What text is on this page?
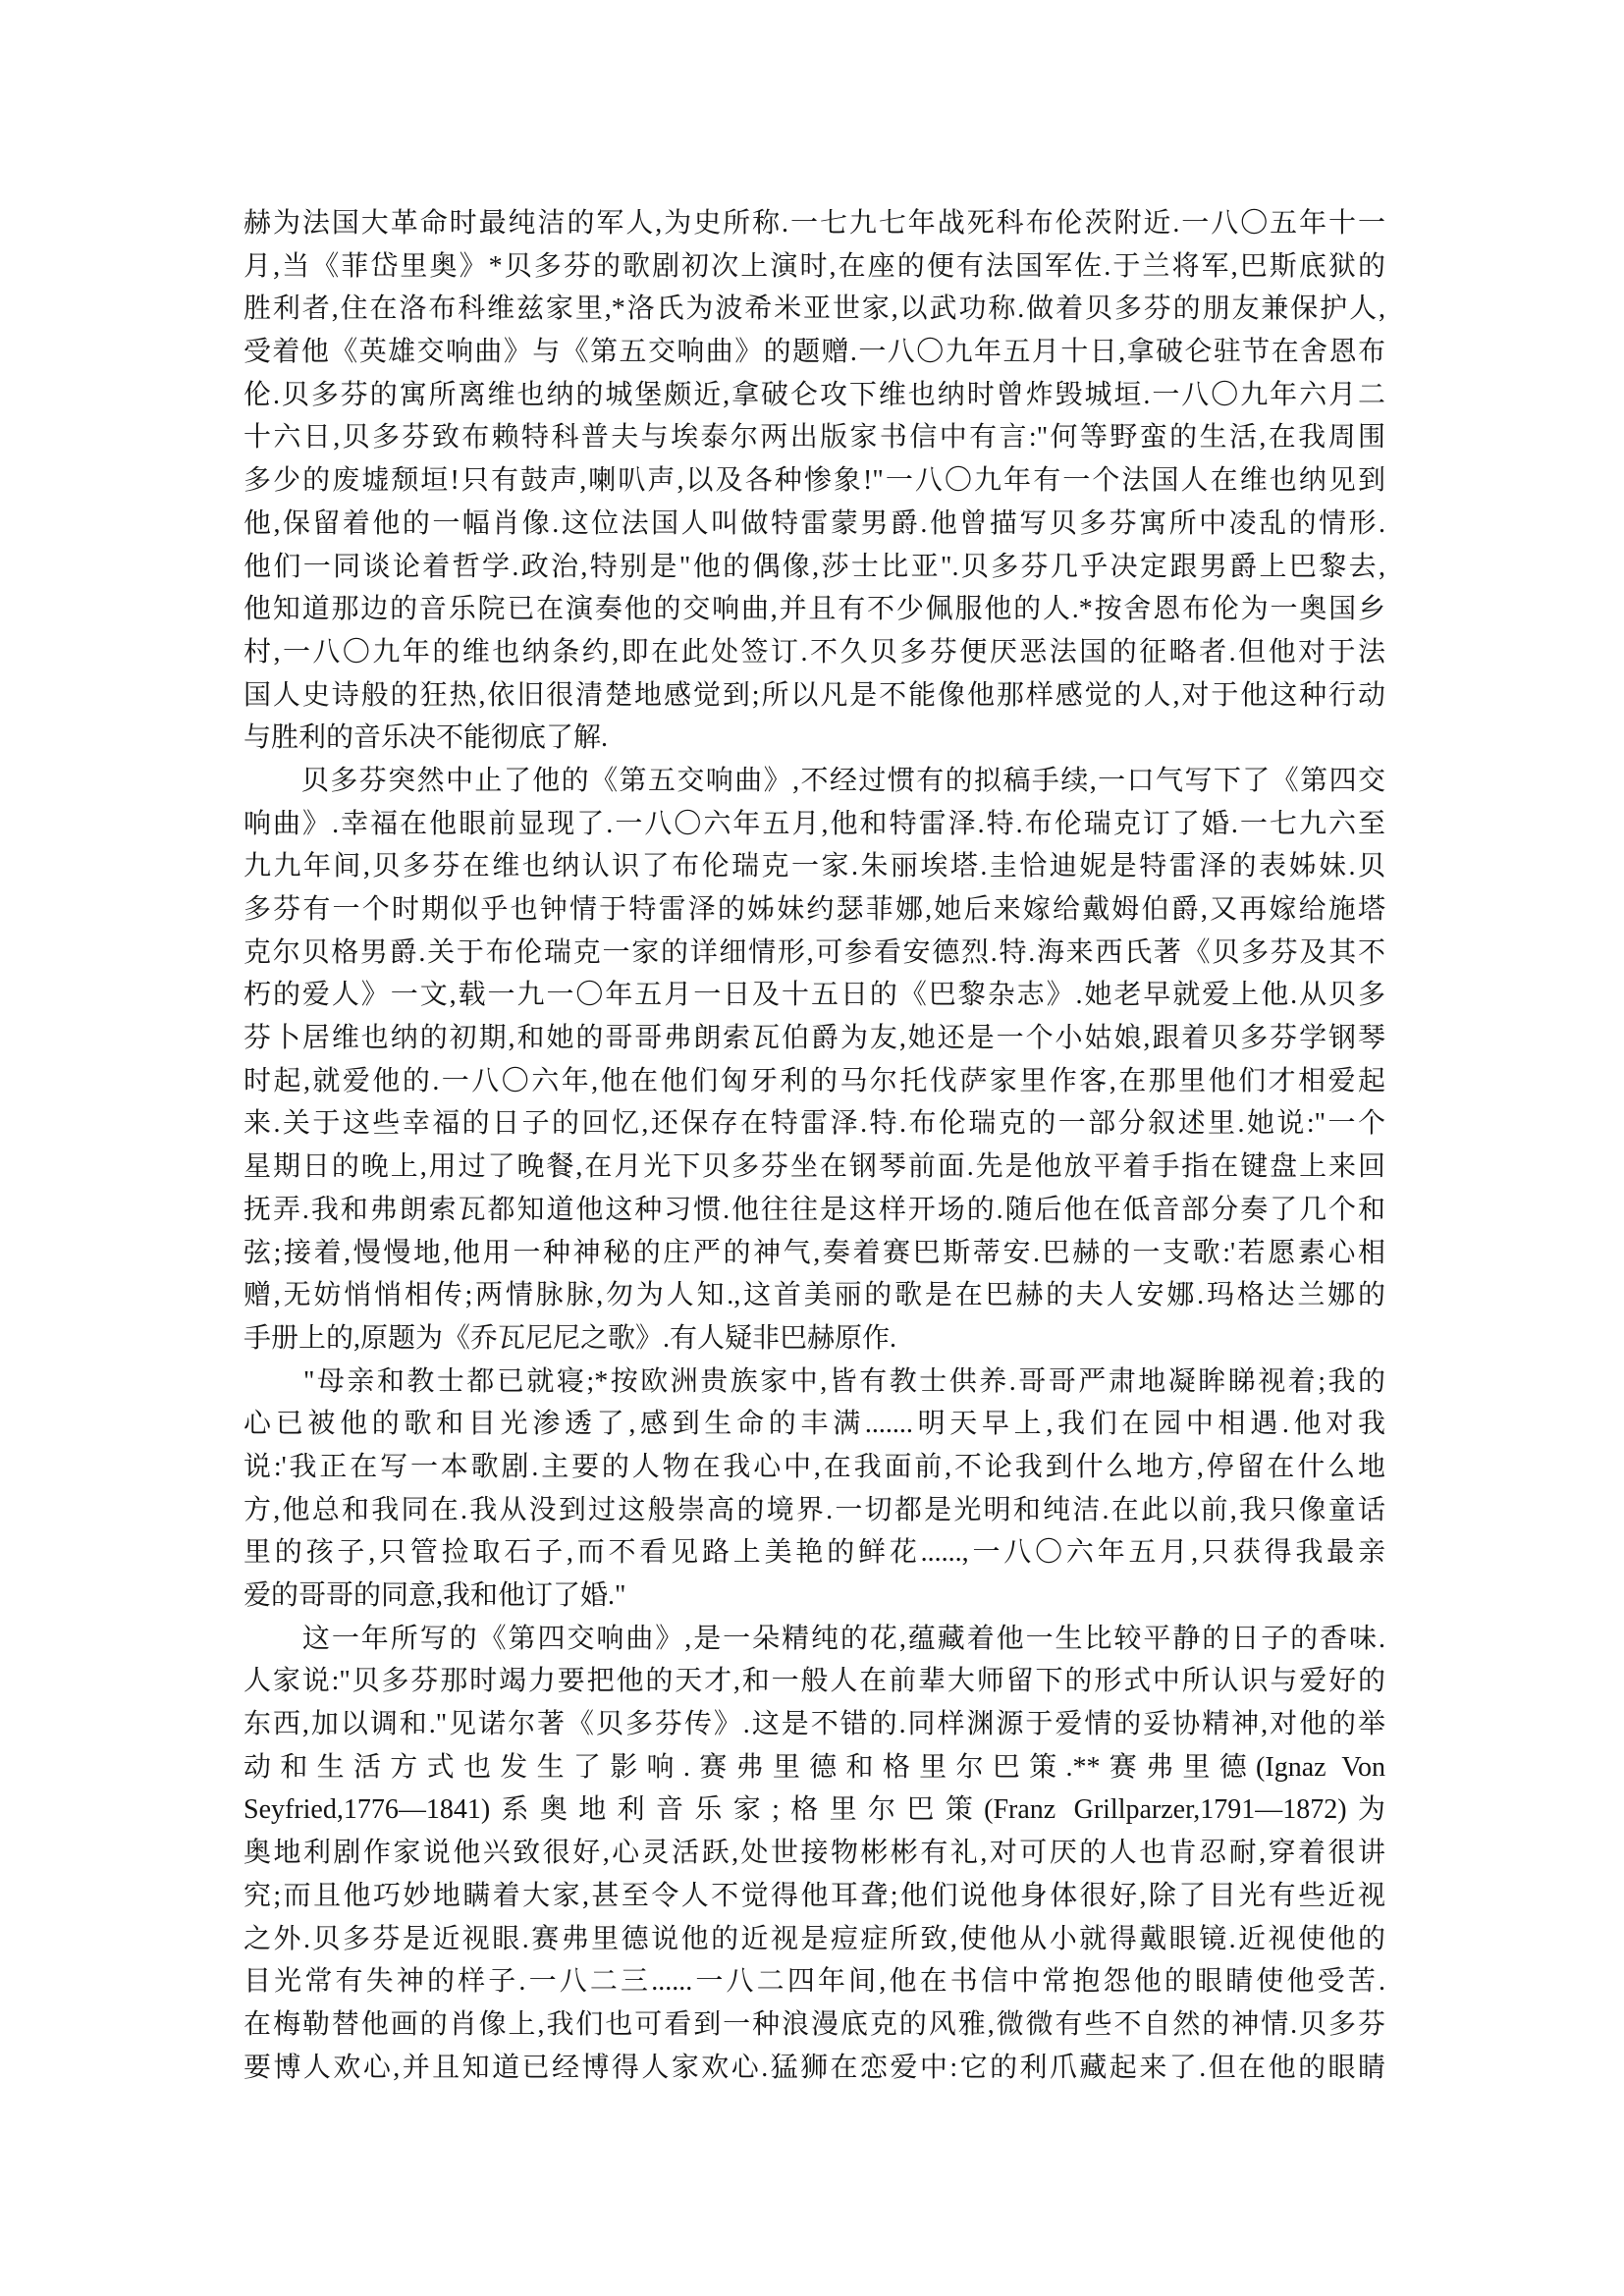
赫为法国大革命时最纯洁的军人,为史所称.一七九七年战死科布伦茨附近.一八〇五年十一
月,当《菲岱里奥》*贝多芬的歌剧初次上演时,在座的便有法国军佐.于兰将军,巴斯底狱的
胜利者,住在洛布科维兹家里,*洛氏为波希米亚世家,以武功称.做着贝多芬的朋友兼保护人,
受着他《英雄交响曲》与《第五交响曲》的题赠.一八〇九年五月十日,拿破仑驻节在舍恩布
伦.贝多芬的寓所离维也纳的城堡颇近,拿破仑攻下维也纳时曾炸毁城垣.一八〇九年六月二
十六日,贝多芬致布赖特科普夫与埃泰尔两出版家书信中有言:"何等野蛮的生活,在我周围
多少的废墟颓垣!只有鼓声,喇叭声,以及各种惨象!"一八〇九年有一个法国人在维也纳见到
他,保留着他的一幅肖像.这位法国人叫做特雷蒙男爵.他曾描写贝多芬寓所中凌乱的情形.
他们一同谈论着哲学.政治,特别是"他的偶像,莎士比亚".贝多芬几乎决定跟男爵上巴黎去,
他知道那边的音乐院已在演奏他的交响曲,并且有不少佩服他的人.*按舍恩布伦为一奥国乡
村,一八〇九年的维也纳条约,即在此处签订.不久贝多芬便厌恶法国的征略者.但他对于法
国人史诗般的狂热,依旧很清楚地感觉到;所以凡是不能像他那样感觉的人,对于他这种行动
与胜利的音乐决不能彻底了解.
　　贝多芬突然中止了他的《第五交响曲》,不经过惯有的拟稿手续,一口气写下了《第四交
响曲》.幸福在他眼前显现了.一八〇六年五月,他和特雷泽.特.布伦瑞克订了婚.一七九六至
九九年间,贝多芬在维也纳认识了布伦瑞克一家.朱丽埃塔.圭恰迪妮是特雷泽的表姊妹.贝
多芬有一个时期似乎也钟情于特雷泽的姊妹约瑟菲娜,她后来嫁给戴姆伯爵,又再嫁给施塔
克尔贝格男爵.关于布伦瑞克一家的详细情形,可参看安德烈.特.海来西氏著《贝多芬及其不
朽的爱人》一文,载一九一〇年五月一日及十五日的《巴黎杂志》.她老早就爱上他.从贝多
芬卜居维也纳的初期,和她的哥哥弗朗索瓦伯爵为友,她还是一个小姑娘,跟着贝多芬学钢琴
时起,就爱他的.一八〇六年,他在他们匈牙利的马尔托伐萨家里作客,在那里他们才相爱起
来.关于这些幸福的日子的回忆,还保存在特雷泽.特.布伦瑞克的一部分叙述里.她说:"一个
星期日的晚上,用过了晚餐,在月光下贝多芬坐在钢琴前面.先是他放平着手指在键盘上来回
抚弄.我和弗朗索瓦都知道他这种习惯.他往往是这样开场的.随后他在低音部分奏了几个和
弦;接着,慢慢地,他用一种神秘的庄严的神气,奏着赛巴斯蒂安.巴赫的一支歌:'若愿素心相
赠,无妨悄悄相传;两情脉脉,勿为人知.,这首美丽的歌是在巴赫的夫人安娜.玛格达兰娜的
手册上的,原题为《乔瓦尼尼之歌》.有人疑非巴赫原作.
　　"母亲和教士都已就寝;*按欧洲贵族家中,皆有教士供养.哥哥严肃地凝眸睇视着;我的
心已被他的歌和目光渗透了,感到生命的丰满.......明天早上,我们在园中相遇.他对我
说:'我正在写一本歌剧.主要的人物在我心中,在我面前,不论我到什么地方,停留在什么地
方,他总和我同在.我从没到过这般崇高的境界.一切都是光明和纯洁.在此以前,我只像童话
里的孩子,只管捡取石子,而不看见路上美艳的鲜花......,一八〇六年五月,只获得我最亲
爱的哥哥的同意,我和他订了婚."
　　这一年所写的《第四交响曲》,是一朵精纯的花,蕴藏着他一生比较平静的日子的香味.
人家说:"贝多芬那时竭力要把他的天才,和一般人在前辈大师留下的形式中所认识与爱好的
东西,加以调和."见诺尔著《贝多芬传》.这是不错的.同样渊源于爱情的妥协精神,对他的举
动和生活方式也发生了影响.赛弗里德和格里尔巴策.**赛弗里德(Ignaz Von
Seyfried,1776—1841)系奥地利音乐家;格里尔巴策(Franz Grillparzer,1791—1872)为
奥地利剧作家说他兴致很好,心灵活跃,处世接物彬彬有礼,对可厌的人也肯忍耐,穿着很讲
究;而且他巧妙地瞒着大家,甚至令人不觉得他耳聋;他们说他身体很好,除了目光有些近视
之外.贝多芬是近视眼.赛弗里德说他的近视是痘症所致,使他从小就得戴眼镜.近视使他的
目光常有失神的样子.一八二三......一八二四年间,他在书信中常抱怨他的眼睛使他受苦.
在梅勒替他画的肖像上,我们也可看到一种浪漫底克的风雅,微微有些不自然的神情.贝多芬
要博人欢心,并且知道已经博得人家欢心.猛狮在恋爱中:它的利爪藏起来了.但在他的眼睛
